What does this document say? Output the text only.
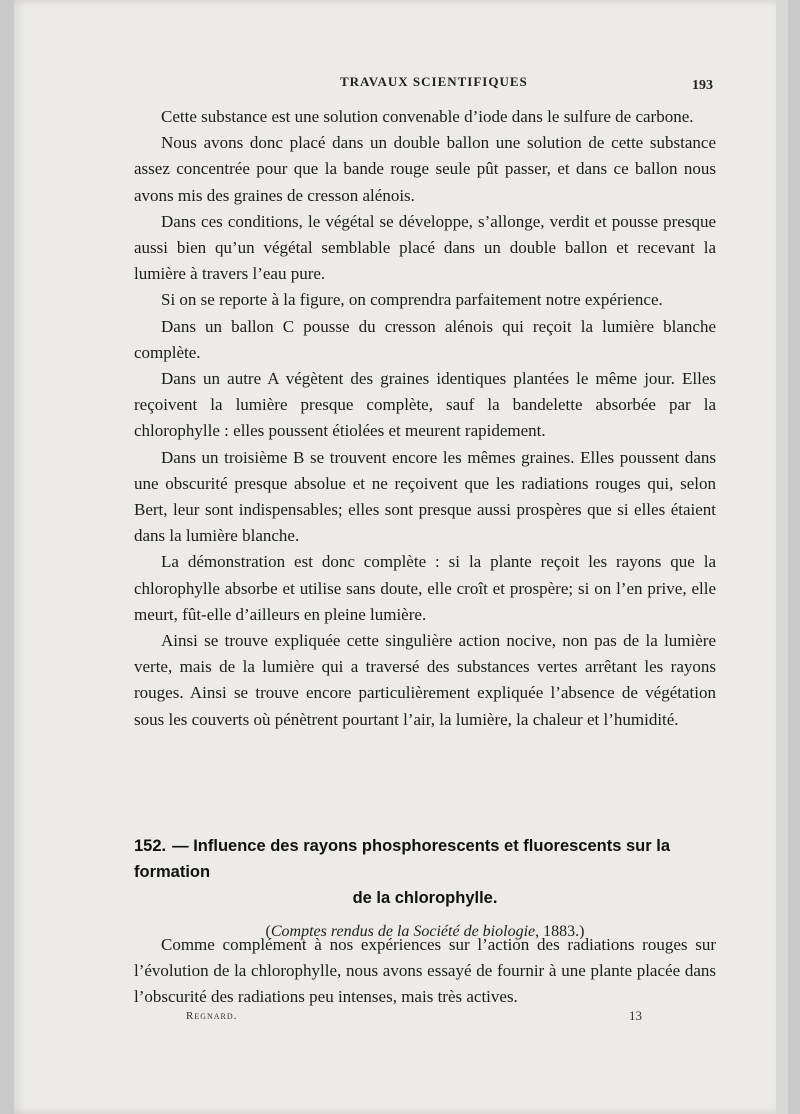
TRAVAUX SCIENTIFIQUES	193

Cette substance est une solution convenable d’iode dans le sulfure de carbone.

Nous avons donc placé dans un double ballon une solution de cette substance assez concentrée pour que la bande rouge seule pût passer, et dans ce ballon nous avons mis des graines de cresson alénois.

Dans ces conditions, le végétal se développe, s’allonge, verdit et pousse presque aussi bien qu’un végétal semblable placé dans un double ballon et recevant la lumière à travers l’eau pure.

Si on se reporte à la figure, on comprendra parfaitement notre expérience.

Dans un ballon C pousse du cresson alénois qui reçoit la lumière blanche complète.

Dans un autre A végètent des graines identiques plantées le même jour. Elles reçoivent la lumière presque complète, sauf la bandelette absorbée par la chlorophylle : elles poussent étiolées et meurent rapidement.

Dans un troisième B se trouvent encore les mêmes graines. Elles poussent dans une obscurité presque absolue et ne reçoivent que les radiations rouges qui, selon Bert, leur sont indispensables; elles sont presque aussi prospères que si elles étaient dans la lumière blanche.

La démonstration est donc complète : si la plante reçoit les rayons que la chlorophylle absorbe et utilise sans doute, elle croît et prospère; si on l’en prive, elle meurt, fût-elle d’ailleurs en pleine lumière.

Ainsi se trouve expliquée cette singulière action nocive, non pas de la lumière verte, mais de la lumière qui a traversé des substances vertes arrêtant les rayons rouges. Ainsi se trouve encore particulièrement expliquée l’absence de végétation sous les couverts où pénètrent pourtant l’air, la lumière, la chaleur et l’humidité.

152. — Influence des rayons phosphorescents et fluorescents sur la formation
de la chlorophylle.
(Comptes rendus de la Société de biologie, 1883.)

Comme complément à nos expériences sur l’action des radiations rouges sur l’évolution de la chlorophylle, nous avons essayé de fournir à une plante placée dans l’obscurité des radiations peu intenses, mais très actives.

Regnard.	13
